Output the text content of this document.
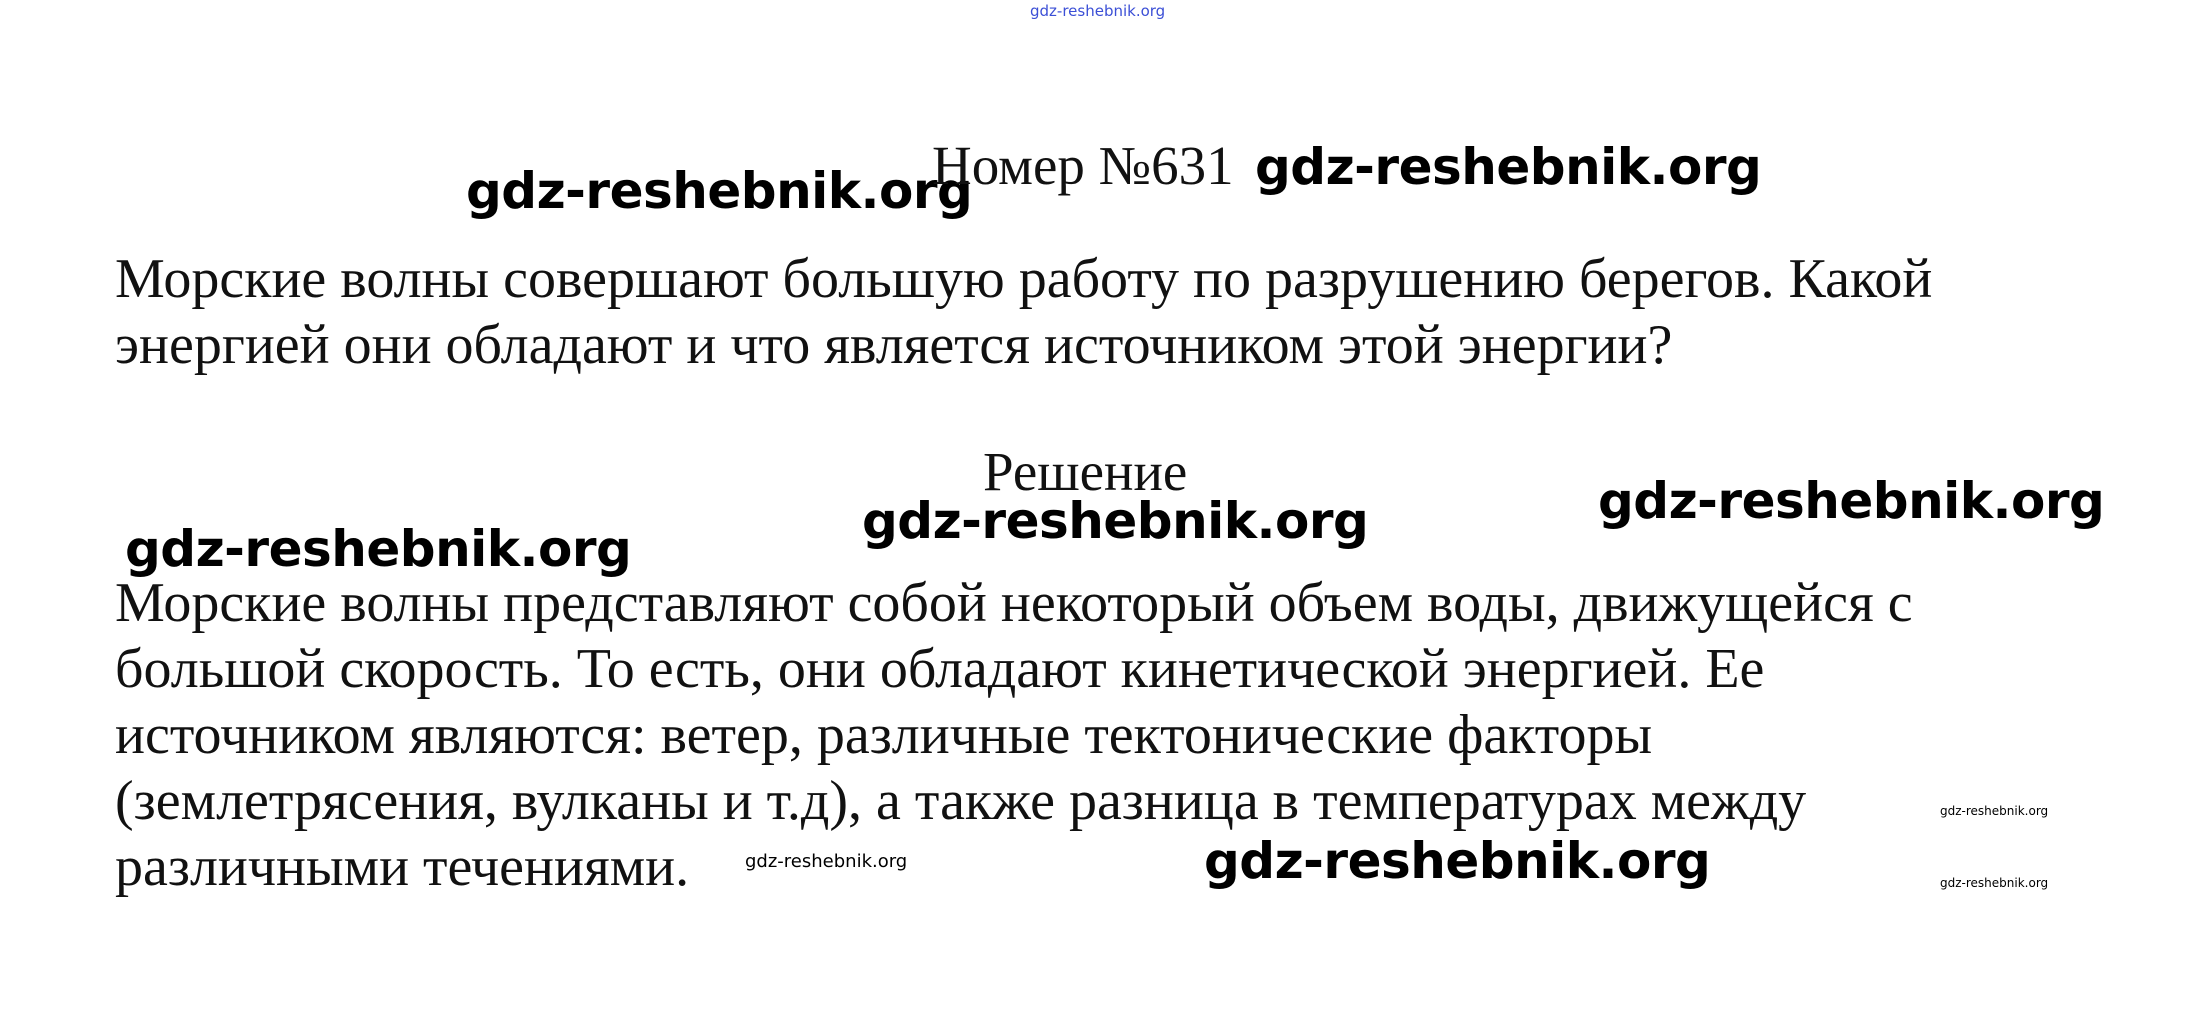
gdz-reshebnik.org
gdz-reshebnik.org
Номер №631 gdz-reshebnik.org
Морские волны совершают большую работу по разрушению берегов. Какой
энергией они обладают и что является источником этой энергии?
Решение
gdz-reshebnik.org	gdz-reshebnik.org
gdz-reshebnik.org
Морские волны представляют собой некоторый объем воды, движущейся с
большой скорость. То есть, они обладают кинетической энергией. Ее
источником являются: ветер, различные тектонические факторы
(землетрясения, вулканы и т.д), а также разница в температурах между
различными течениями.
gdz-reshebnik.org
gdz-reshebnik.org	gdz-reshebnik.org	gdz-reshebnik.org
